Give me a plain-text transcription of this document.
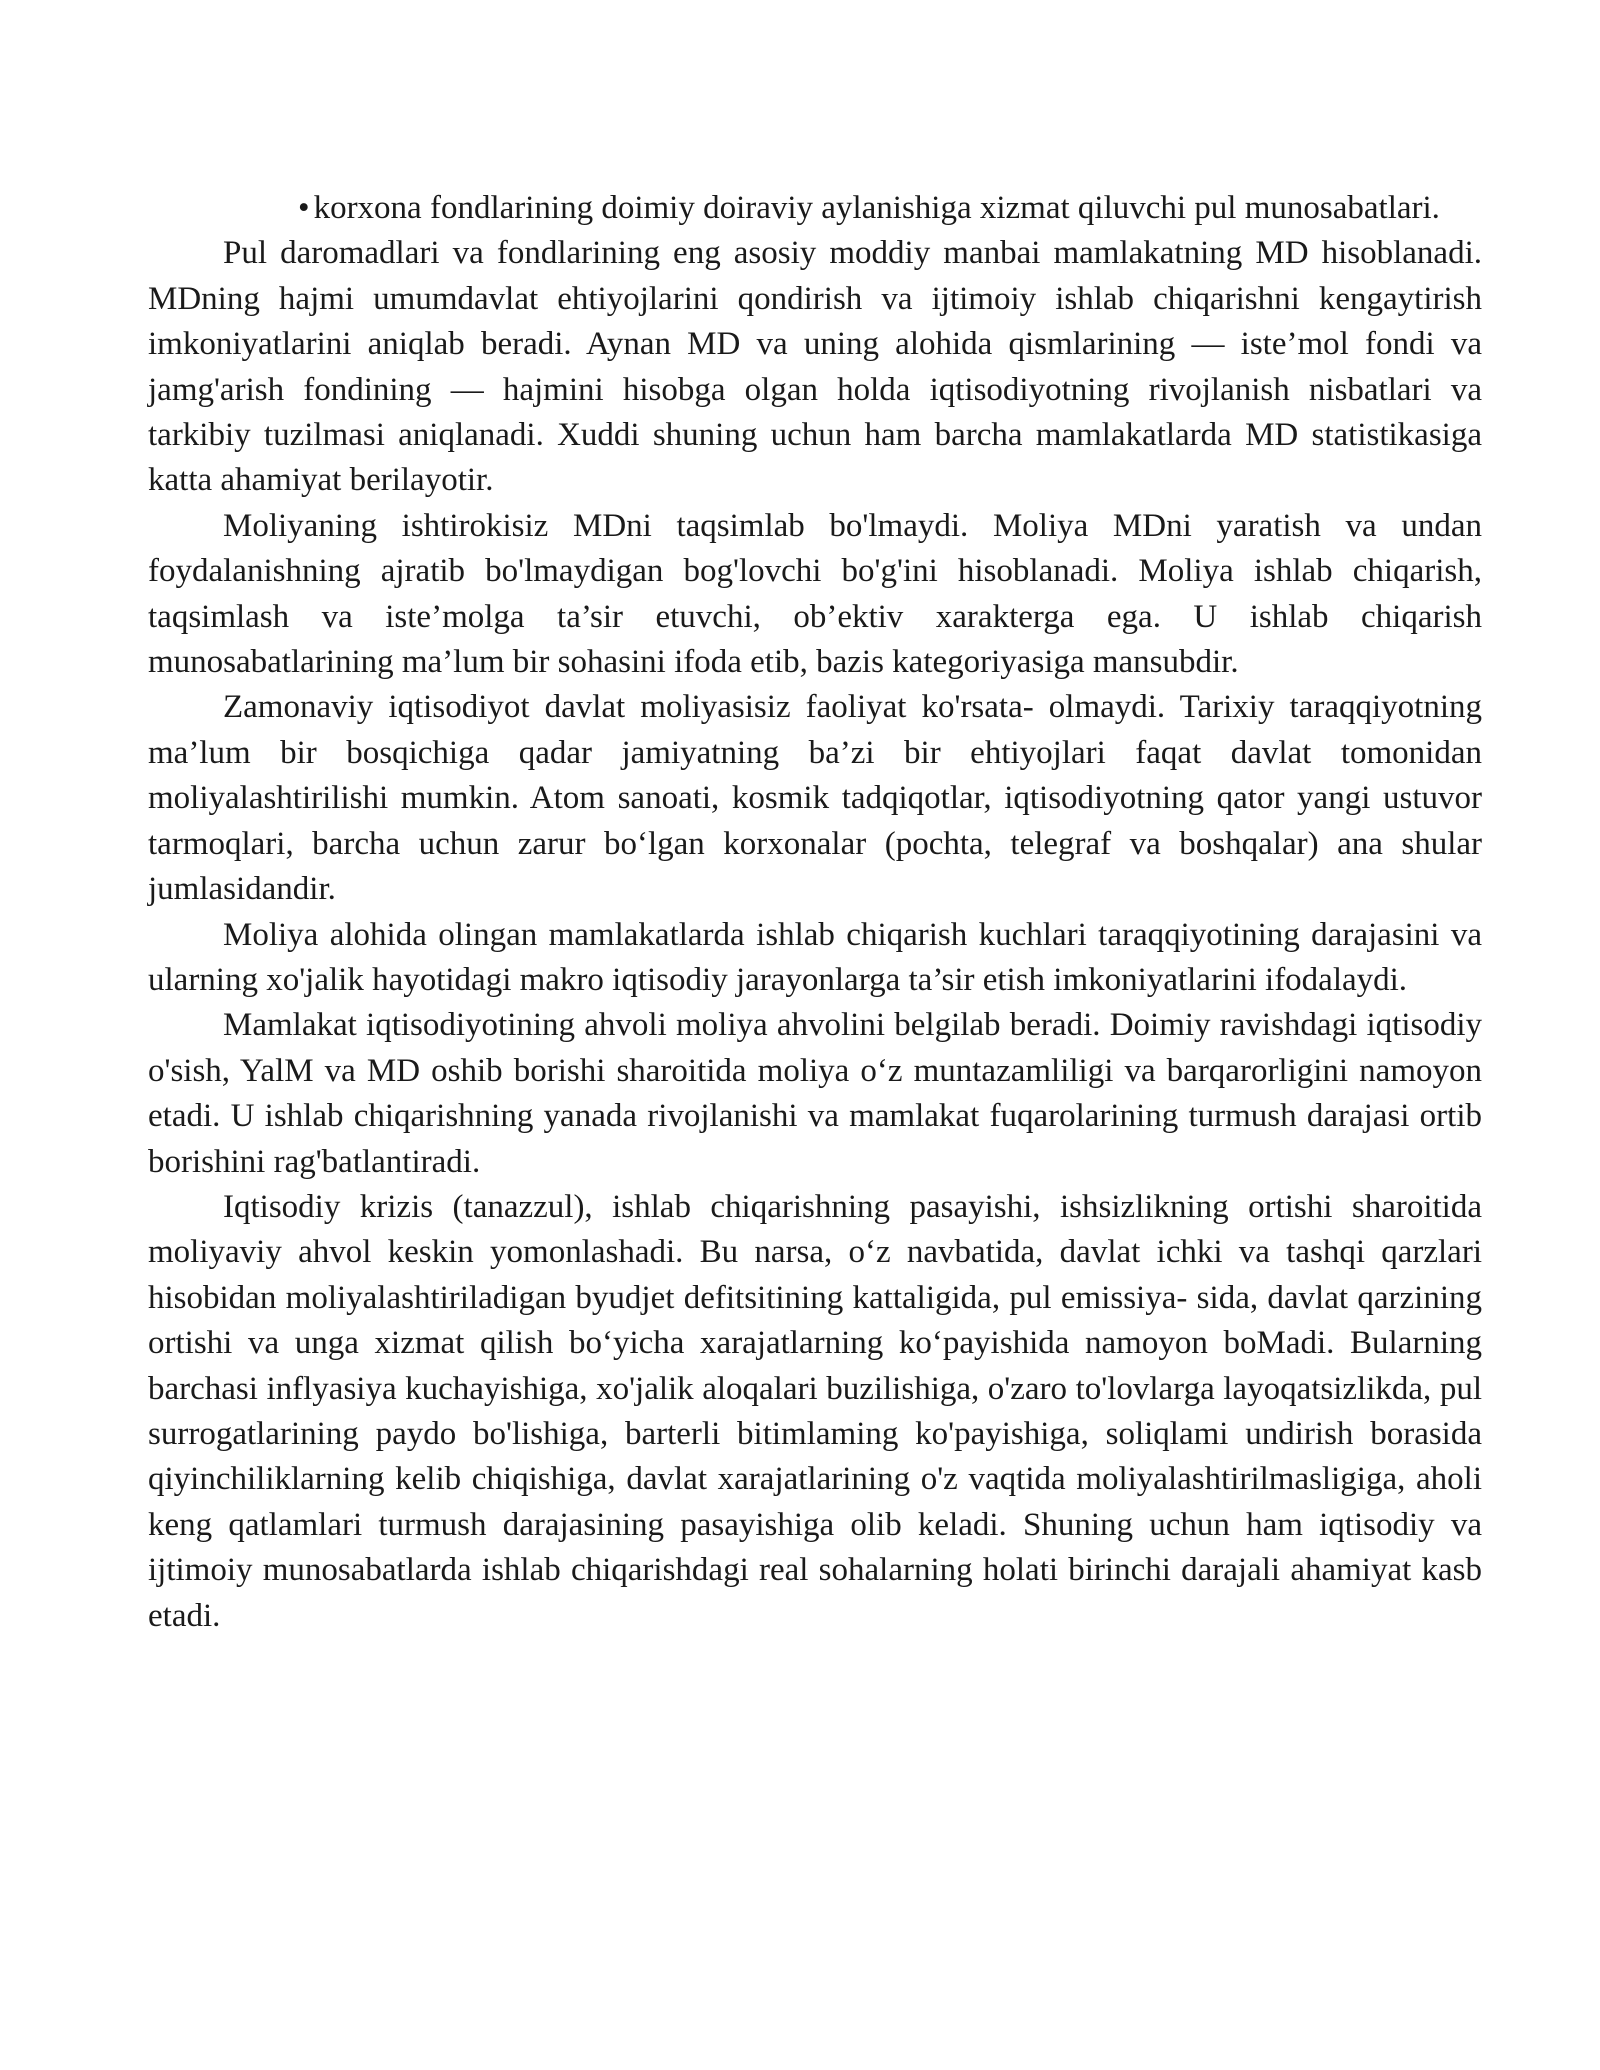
• korxona fondlarining doimiy doiraviy aylanishiga xizmat qiluvchi pul munosabatlari.

Pul daromadlari va fondlarining eng asosiy moddiy manbai mamlakatning MD hisoblanadi. MDning hajmi umumdavlat ehtiyojlarini qondirish va ijtimoiy ishlab chiqarishni kengaytirish imkoniyatlarini aniqlab beradi. Aynan MD va uning alohida qismlarining — iste’mol fondi va jamg'arish fondining — hajmini hisobga olgan holda iqtisodiyotning rivojlanish nisbatlari va tarkibiy tuzilmasi aniqlanadi. Xuddi shuning uchun ham barcha mamlakatlarda MD statistikasiga katta ahamiyat berilayotir.

Moliyaning ishtirokisiz MDni taqsimlab bo'lmaydi. Moliya MDni yaratish va undan foydalanishning ajratib bo'lmaydigan bog'lovchi bo'g'ini hisoblanadi. Moliya ishlab chiqarish, taqsimlash va iste’molga ta’sir etuvchi, ob’ektiv xarakterga ega. U ishlab chiqarish munosabatlarining ma’lum bir sohasini ifoda etib, bazis kategoriyasiga mansubdir.

Zamonaviy iqtisodiyot davlat moliyasisiz faoliyat ko'rsata- olmaydi. Tarixiy taraqqiyotning ma’lum bir bosqichiga qadar jamiyatning ba’zi bir ehtiyojlari faqat davlat tomonidan moliyalashtirilishi mumkin. Atom sanoati, kosmik tadqiqotlar, iqtisodiyotning qator yangi ustuvor tarmoqlari, barcha uchun zarur bo‘lgan korxonalar (pochta, telegraf va boshqalar) ana shular jumlasidandir.

Moliya alohida olingan mamlakatlarda ishlab chiqarish kuchlari taraqqiyotining darajasini va ularning xo'jalik hayotidagi makro iqtisodiy jarayonlarga ta’sir etish imkoniyatlarini ifodalaydi.

Mamlakat iqtisodiyotining ahvoli moliya ahvolini belgilab beradi. Doimiy ravishdagi iqtisodiy o'sish, YalM va MD oshib borishi sharoitida moliya o‘z muntazamliligi va barqarorligini namoyon etadi. U ishlab chiqarishning yanada rivojlanishi va mamlakat fuqarolarining turmush darajasi ortib borishini rag'batlantiradi.

Iqtisodiy krizis (tanazzul), ishlab chiqarishning pasayishi, ishsizlikning ortishi sharoitida moliyaviy ahvol keskin yomonlashadi. Bu narsa, o‘z navbatida, davlat ichki va tashqi qarzlari hisobidan moliyalashtiriladigan byudjet defitsitining kattaligida, pul emissiya- sida, davlat qarzining ortishi va unga xizmat qilish bo‘yicha xarajatlarning ko‘payishida namoyon boMadi. Bularning barchasi inflyasiya kuchayishiga, xo'jalik aloqalari buzilishiga, o'zaro to'lovlarga layoqatsizlikda, pul surrogatlarining paydo bo'lishiga, barterli bitimlaming ko'payishiga, soliqlami undirish borasida qiyinchiliklarning kelib chiqishiga, davlat xarajatlarining o'z vaqtida moliyalashtirilmasligiga, aholi keng qatlamlari turmush darajasining pasayishiga olib keladi. Shuning uchun ham iqtisodiy va ijtimoiy munosabatlarda ishlab chiqarishdagi real sohalarning holati birinchi darajali ahamiyat kasb etadi.
